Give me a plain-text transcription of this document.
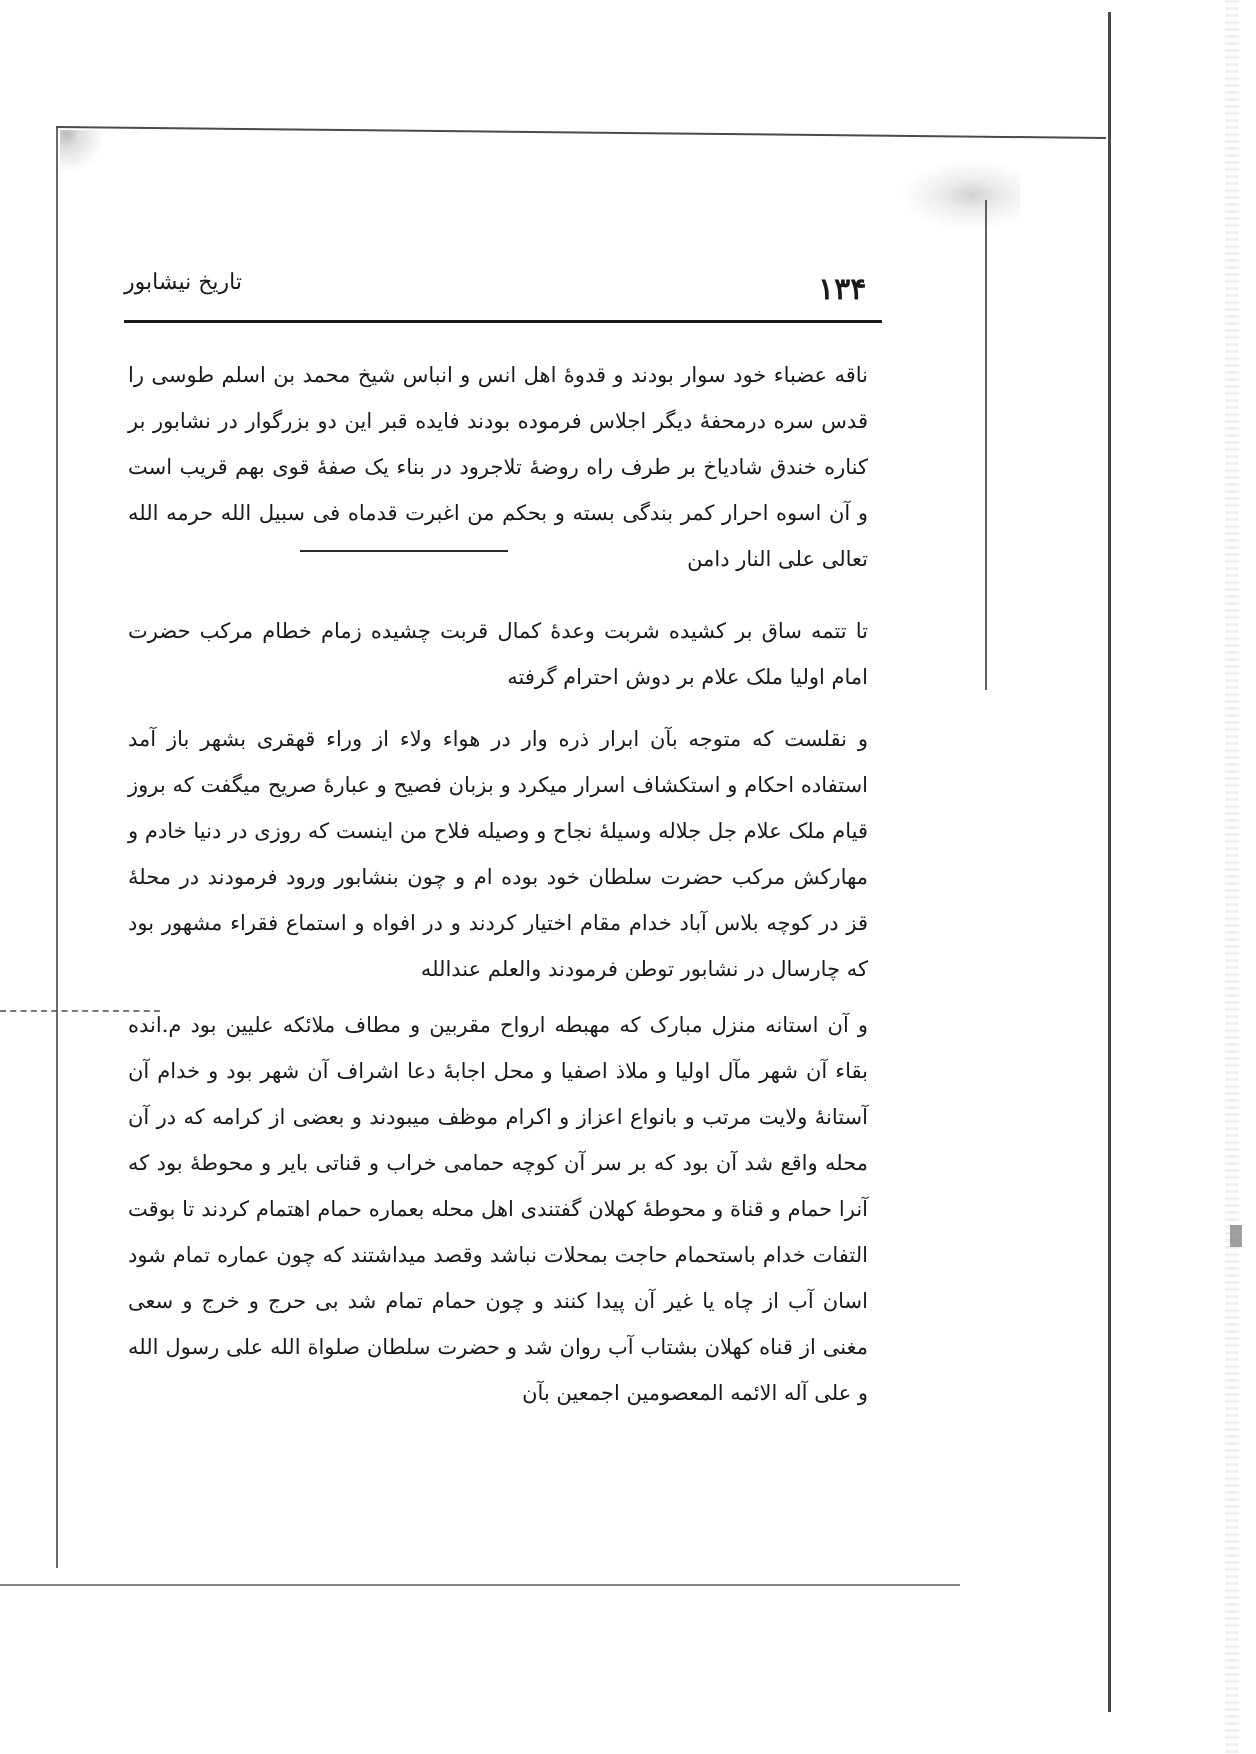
۱۳۴
تاریخ نیشابور

ناقه عضباء خود سوار بودند و قدوهٔ اهل انس و انباس شیخ محمد بن اسلم طوسی را قدس سره درمحفهٔ دیگر اجلاس فرموده بودند فایده قبر این دو بزرگوار در نشابور بر کناره خندق شادیاخ بر طرف راه روضهٔ تلاجرود در بناء یک صفهٔ قوی بهم قریب است و آن اسوه احرار کمر بندگی بسته و بحکم من اغبرت قدماه فی سبیل الله حرمه الله تعالی علی النار دامن

تا تتمه ساق بر کشیده شربت وعدهٔ کمال قربت چشیده زمام خطام مرکب حضرت امام اولیا ملک علام بر دوش احترام گرفته

و نقلست که متوجه بآن ابرار ذره وار در هواء ولاء از وراء قهقری بشهر باز آمد استفاده احکام و استکشاف اسرار میکرد و بزبان فصیح و عبارهٔ صریح میگفت که بروز قیام ملک علام جل جلاله وسیلهٔ نجاح و وصیله فلاح من اینست که روزی در دنیا خادم و مهارکش مرکب حضرت سلطان خود بوده ام و چون بنشابور ورود فرمودند در محلهٔ قز در کوچه بلاس آباد خدام مقام اختیار کردند و در افواه و استماع فقراء مشهور بود که چارسال در نشابور توطن فرمودند والعلم عندالله

و آن استانه منزل مبارک که مهبطه ارواح مقربین و مطاف ملائکه علیین بود م.انده بقاء آن شهر مآل اولیا و ملاذ اصفیا و محل اجابهٔ دعا اشراف آن شهر بود و خدام آن آستانهٔ ولایت مرتب و بانواع اعزاز و اکرام موظف میبودند و بعضی از کرامه که در آن محله واقع شد آن بود که بر سر آن کوچه حمامی خراب و قناتی بایر و محوطهٔ بود که آنرا حمام و قناة و محوطهٔ کهلان گفتندی اهل محله بعماره حمام اهتمام کردند تا بوقت التفات خدام باستحمام حاجت بمحلات نباشد وقصد میداشتند که چون عماره تمام شود اسان آب از چاه یا غیر آن پیدا کنند و چون حمام تمام شد بی حرج و خرج و سعی مغنی از قناه کهلان بشتاب آب روان شد و حضرت سلطان صلواة الله علی رسول الله و علی آله الائمه المعصومین اجمعین بآن
